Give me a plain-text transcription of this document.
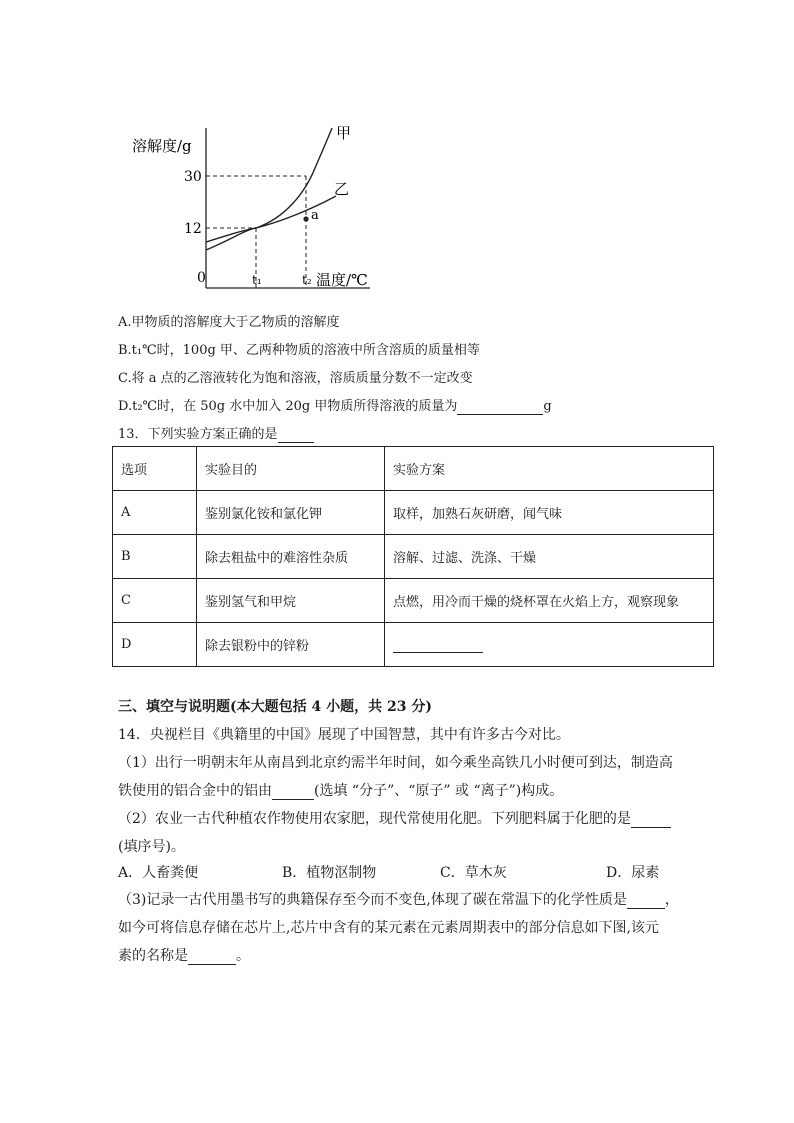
溶解度/g
温度/℃
0
30
12
t₁	t₂
甲
乙
a
A.甲物质的溶解度大于乙物质的溶解度
B.t₁℃时，100g 甲、乙两种物质的溶液中所含溶质的质量相等
C.将 a 点的乙溶液转化为饱和溶液，溶质质量分数不一定改变
D.t₂℃时，在 50g 水中加入 20g 甲物质所得溶液的质量为	g
13．下列实验方案正确的是
选项	实验目的	实验方案
A	鉴别氯化铵和氯化钾	取样，加熟石灰研磨，闻气味
B	除去粗盐中的难溶性杂质	溶解、过滤、洗涤、干燥
C	鉴别氢气和甲烷	点燃，用冷而干燥的烧杯罩在火焰上方，观察现象
D	除去银粉中的锌粉	
三、填空与说明题(本大题包括 4 小题，共 23 分)
14．央视栏目《典籍里的中国》展现了中国智慧，其中有许多古今对比。
（1）出行一明朝末年从南昌到北京约需半年时间，如今乘坐高铁几小时便可到达，制造高
铁使用的铝合金中的铝由	(选填 “分子”、“原子” 或 “离子”)构成。
（2）农业一古代种植农作物使用农家肥，现代常使用化肥。下列肥料属于化肥的是
(填序号)。
A．人畜粪便	B．植物沤制物	C．草木灰	D．尿素
（3)记录一古代用墨书写的典籍保存至今而不变色,体现了碳在常温下的化学性质是	，
如今可将信息存储在芯片上,芯片中含有的某元素在元素周期表中的部分信息如下图,该元
素的名称是	。
